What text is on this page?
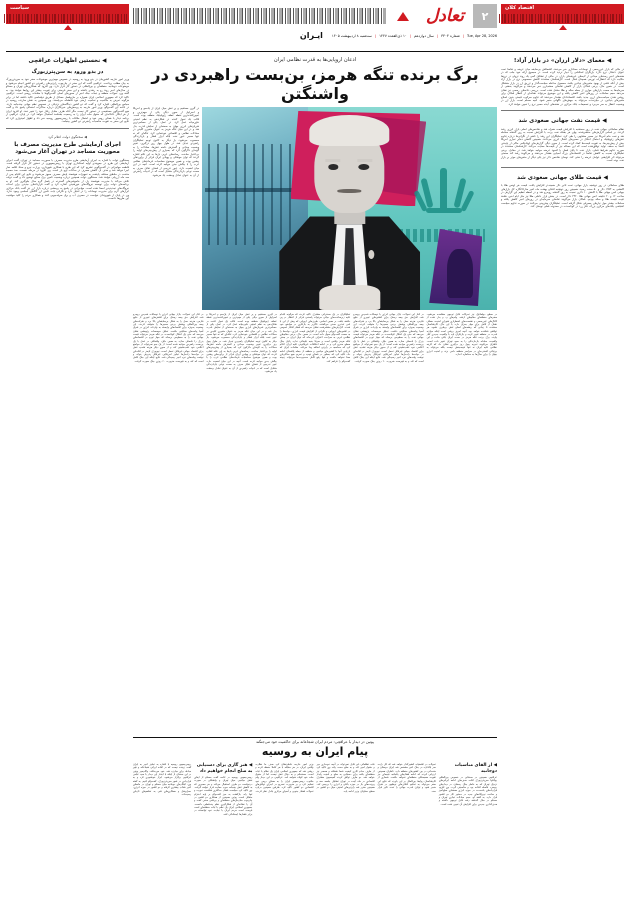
اقتصاد کلان
۲
تعادل
Tue, Apr 28, 2026
|
شماره ۳۳۰۳
|
سال دوازدهم
|
۱۰ ذی‌القعده ۱۴۴۷
|
سه‌شنبه ۸ اردیبهشت ۱۴۰۵
ایـران
سیاست
◀ نخستین اظهارات عراقچی
در بدو ورود به سن‌پترزبورگ
وزیر امور خارجه کشورمان در بدو ورود به روسیه در خصوص مهم‌ترین موضوعات سفر خود به سن‌پترزبورگ به بیان مطلب پرداخت. عراقچی گفت که این سفر در چارچوب رایزنی‌های راهبردی دو کشور انجام می‌شود و موضوعات دوجانبه، منطقه‌ای و بین‌المللی در دستور کار قرار دارد. وی افزود که همکاری‌های تهران و مسکو در سال‌های اخیر روند رو به رشدی داشته و این سفر فرصتی برای تقویت بیشتر این روابط خواهد بود. به گفته وی، تحولات منطقه و تبعات جنگ اخیر از محورهای اصلی گفت‌وگوها با مقامات روسی است. عراقچی تاکید کرد که جمهوری اسلامی ایران همواره بر حل‌وفصل مسائل از طریق دیپلماسی تاکید داشته اما در برابر هرگونه تعرض به حاکمیت و تمامیت ارضی خود قاطعانه می‌ایستد. وی همچنین به نقش سازنده روسیه در مجامع بین‌المللی اشاره کرد و گفت که دو کشور دیدگاه‌های نزدیکی در خصوص نظم جهانی چندجانبه دارند. در ادامه این گفت‌وگو، وزیر امور خارجه به پرسش‌های خبرنگاران درباره مذاکرات احتمالی پاسخ داد و گفت هیچ گفت‌وگوی مستقیمی در دستور کار نیست مگر آنکه طرف مقابل رفتار خود را تغییر دهد. او افزود ایران از هر ابتکار عادلانه‌ای که حقوق ملت ایران را به رسمیت بشناسد استقبال خواهد کرد. در پایان، عراقچی از برنامه دیدار با همتای روس خود و احتمال ملاقات با رییس‌جمهور روسیه خبر داد و اظهار امیدواری کرد که نتایج این سفر به تقویت مناسبات راهبردی دو کشور بینجامد.
◀ سخنگوی دولت اعلام کرد
اجرای آزمایشی طرح مدیریت مصرف با محوریت مساجد در تهران آغاز می‌شود
سخنگوی دولت با اشاره به اجرای آزمایشی طرح مدیریت مصرف با محوریت مساجد در تهران، گفت اجرای آزمایشی این طرح در جمع‌بندی اولیه استانداری تهران با رییس‌جمهوری در دستور کار قرار گرفته است. فاطمه مهاجرانی در گفت‌وگویی تشریح کرد که این طرح با همکاری شهرداری، وزارت نیرو و ستاد اقامه نماز اجرا خواهد شد و هدف آن کاهش مصرف در ساعات اوج بار است. وی افزود در مرحله نخست، صد مسجد منتخب در مناطق مختلف پایتخت به تجهیزات هوشمند پایش مصرف مجهز می‌شوند و نتایج این اقدام پس از سه ماه ارزیابی خواهد شد. سخنگوی دولت همچنین درباره وضعیت تامین برق صنایع توضیح داد و گفت دولت تلاش می‌کند با مدیریت هوشمند بار، از خاموشی‌های گسترده در فصل گرم سال جلوگیری کند. او به برنامه‌های دولت برای توسعه نیروگاه‌های خورشیدی اشاره کرد و گفت قراردادهای جدیدی برای احداث نیروگاه‌های تجدیدپذیر امضا شده است. مهاجرانی در پاسخ به پرسشی درباره بازار ارز نیز گفت بانک مرکزی ابزارهای لازم برای مدیریت نوسانات را در اختیار دارد و نگرانی بابت تامین ارز کالاهای اساسی وجود ندارد. وی در پایان از شهروندان خواست در مصرف آب و برق صرفه‌جویی کنند و همکاری مردم را کلید موفقیت این طرح‌ها دانست.
اذعان اروپایی‌ها به قدرت نظامی ایران
برگ برنده تنگه هرمز، بن‌بست راهبردی در واشنگتن
در گیری مستقیم و پر تنش میان ایران از یک‌سو و امریکا و اسراییل از سوی دیگر، یکی از مهم‌ترین و تعیین‌کننده‌ترین نقطه عطف ژئوپلیتیک منطقه بوده است. قالب یک تحول کننده در شکل‌دهی به نظم امنیتی خاورمیانه عمل کرد. در عمل، یکی از حساس‌ترین شریان‌های انرژی جهان به صحنه‌ای از نمایش قدرت بدل شد و در این میان تنگه هرمز به عنوان متغیری کلیدی در معادلات نظامی و اقتصادی خودنمایی کرد. تنگه‌ای که نه تنها مسیر عبور نفت بلکه ابزار فشار و بازدارندگی محسوب می‌شود، بار دیگر به کانون توجه تحلیلگران راهبردی تبدیل شد. در طول چهل روز درگیری، تغییر وضعیت میدانی و گسترش دامنه تنش‌ها، معادلات را به گونه‌ای دگرگون کرد که بسیاری از پیش‌بینی‌های اولیه را بی‌اعتبار ساخت. رسانه‌های غربی بارها به این نکته اشاره کردند که توان موشکی و پهپادی ایران فراتر از برآوردهای پیشین بوده و همین موضوع محاسبات فرماندهان نظامی غرب را با چالش جدی مواجه کرده است. آنچه در این میان اهمیت دارد، عبور تدریجی از فضای تقابل صرف به سمت نوعی بازدارندگی متقابل است که در ادبیات راهبردی از آن به عنوان تعادل وحشت یاد می‌شود.
در سطح دیپلماتیک نیز تحرکات قابل توجهی مشاهده می‌شود. سفرهای منطقه‌ای مقام‌های ارشد، پیام‌های رد و بدل شده از کانال‌های غیررسمی و نشست‌های اضطراری شورای امنیت، همگی نشان از تلاش برای مهار بحران دارد. با این حال، کارشناسان معتقدند تا زمانی که ریشه‌های اصلی تنش برطرف نشود، هر توافقی شکننده خواهد بود. آنچه امروز روشن است اینکه موازنه قدرت در منطقه تغییر کرده و بازیگران باید با واقعیت جدیدی کنار بیایند. برگ برنده تنگه هرمز در دست ایران باقی مانده و این واقعیت، معادله بازدارندگی را به سود تهران تغییر داده است. ناظران می‌گویند تجربه چهل روز درگیری نشان داد که گزینه نظامی علیه ایران نه تنها نتیجه‌بخش نیست بلکه می‌تواند به بی‌ثباتی گسترده‌ای در سراسر منطقه دامن بزند و امنیت انرژی جهان را برای سال‌ها به مخاطره اندازد.
در کنار این تحولات، بازار جهانی انرژی با نوسانات شدیدی روبه‌رو شد. افزایش حق بیمه ریسک برای کشتی‌های عبوری از خلیج فارس، هزینه حمل را به شکل بی‌سابقه‌ای بالا برد و شرکت‌های بیمه بین‌المللی پوشش برخی مسیرها را متوقف کردند. این وضعیت به‌ویژه برای اقتصادهای وابسته به واردات انرژی در شرق آسیا پیامدهای سنگینی داشت. تحلیل موسسات پژوهشی نشان می‌دهد که حتی یک اختلال کوتاه‌مدت در تنگه هرمز می‌تواند قیمت جهانی نفت را به سطوحی برساند که مهار تورم در اقتصادهای بزرگ را ناممکن سازد. به همین دلیل، واشنگتن در عمل با یک بن‌بست راهبردی مواجه شده است؛ از یک سو نمی‌تواند از مواضع اعلامی خود عقب‌نشینی کند و از سوی دیگر هزینه تشدید تنش برای اقتصاد جهانی غیرقابل تحمل است. نیویورک تایمز در افاده‌ای در دولت‌ها راه‌حل‌ها تجاوز امریکایی غیرقابل پذیرش خواند و نوشت پیامدهای نبرد اخیر رسیدگی شد. نتایج اینکه این جنگ تلاش است که کند و به فهرست ضرورت ۴۰ روزی جنگ صورت گرفت.
تحلیلگران در یک سخنرانی مشترک تاکید کردند که هرگونه اقدام علیه زیرساخت‌های حیاتی می‌تواند پاسخی فراتر از انتظار در پی داشته باشد. بر همین اساس، طرف‌های اروپایی که پیش از این با لحن تندتری سخن می‌گفتند، ناگزیر به بازنگری در مواضع خود شدند. گزارش‌های منتشرشده نشان می‌دهد که فشار افکار عمومی در کشورهای اروپایی و نگرانی از افزایش قیمت انرژی، دولت‌ها را به سمت گفت‌وگو سوق داده است. در همین حال، برخی مقام‌های نظامی غربی به صراحت اعتراف کرده‌اند که توان ایران در بستن تنگه هرمز واقعی است و صرفا جنبه تبلیغاتی ندارد. پایان جنگ سطح مخرج کرد و در ادامه اختلافات غیرقانونی علیه ایران اعلام کرد که محاسبه در رایزنی اضافه پیدا می‌کند. مقامات ایران که ارزیابی آنها با کشورهای میانجی و منطقه از جمله پاکستان ادامه داد، تاکید کرد که به‌طور در فضای تهدید و تحریم هیچ مذاکره‌ای معنا نخواهد داشت و تنها رفع کامل محدودیت‌ها می‌تواند زمینه گفت‌وگو را فراهم کند.
در گیری مستقیم و پر تنش میان ایران از یک‌سو و امریکا و اسراییل از سوی دیگر، یکی از مهم‌ترین و تعیین‌کننده‌ترین نقطه عطف ژئوپلیتیک منطقه بوده است. قالب یک تحول کننده در شکل‌دهی به نظم امنیتی خاورمیانه عمل کرد. در عمل، یکی از حساس‌ترین شریان‌های انرژی جهان به صحنه‌ای از نمایش قدرت بدل شد و در این میان تنگه هرمز به عنوان متغیری کلیدی در معادلات نظامی و اقتصادی خودنمایی کرد. تنگه‌ای که نه تنها مسیر عبور نفت بلکه ابزار فشار و بازدارندگی محسوب می‌شود، بار دیگر به کانون توجه تحلیلگران راهبردی تبدیل شد. در طول چهل روز درگیری، تغییر وضعیت میدانی و گسترش دامنه تنش‌ها، معادلات را به گونه‌ای دگرگون کرد که بسیاری از پیش‌بینی‌های اولیه را بی‌اعتبار ساخت. رسانه‌های غربی بارها به این نکته اشاره کردند که توان موشکی و پهپادی ایران فراتر از برآوردهای پیشین بوده و همین موضوع محاسبات فرماندهان نظامی غرب را با چالش جدی مواجه کرده است. آنچه در این میان اهمیت دارد، عبور تدریجی از فضای تقابل صرف به سمت نوعی بازدارندگی متقابل است که در ادبیات راهبردی از آن به عنوان تعادل وحشت یاد می‌شود.
در کنار این تحولات، بازار جهانی انرژی با نوسانات شدیدی روبه‌رو شد. افزایش حق بیمه ریسک برای کشتی‌های عبوری از خلیج فارس، هزینه حمل را به شکل بی‌سابقه‌ای بالا برد و شرکت‌های بیمه بین‌المللی پوشش برخی مسیرها را متوقف کردند. این وضعیت به‌ویژه برای اقتصادهای وابسته به واردات انرژی در شرق آسیا پیامدهای سنگینی داشت. تحلیل موسسات پژوهشی نشان می‌دهد که حتی یک اختلال کوتاه‌مدت در تنگه هرمز می‌تواند قیمت جهانی نفت را به سطوحی برساند که مهار تورم در اقتصادهای بزرگ را ناممکن سازد. به همین دلیل، واشنگتن در عمل با یک بن‌بست راهبردی مواجه شده است؛ از یک سو نمی‌تواند از مواضع اعلامی خود عقب‌نشینی کند و از سوی دیگر هزینه تشدید تنش برای اقتصاد جهانی غیرقابل تحمل است. نیویورک تایمز در افاده‌ای در دولت‌ها راه‌حل‌ها تجاوز امریکایی غیرقابل پذیرش خواند و نوشت پیامدهای نبرد اخیر رسیدگی شد. نتایج اینکه این جنگ تلاش است که کند و به فهرست ضرورت ۴۰ روزی جنگ صورت گرفت.
پوتین در دیدار با عراقچی: مردم ایران شجاعانه برای حاکمیت خود می‌جنگند
پیام ایران به روسیه
◀ از القای مناسبات دوجانبه
عراقچی همچنین در سخنانی در خصوص بین‌المللی یوانکوا سن‌پترزبورگ افاده هدف‌های ادامه ایرانی‌های نزدیک تهران که به خاطر جنگ رمضان، در دیدارهای روسی، فاصله افتاده بود و مناسبتی گردد. وی افزود قراردادهای بلندمدت در حوزه انرژی هسته‌ای صلح‌آمیز و ساخت نیروگاه‌های جدید در دستور کار دو کشور قرار دارد. به گفته او، حجم مبادلات تجاری تهران و مسکو در سال گذشته رشد قابل توجهی داشته و هدف‌گذاری جدیدی برای افزایش آن تعیین شده است.
تحولات در کشفیات کشورگذار خواهد شد که کل رایت سر باگذارند در جنگ اخیر مشخص شد ایران دوستان و متحدانی در بین کشورهای منطقه دارد. ناظران همچنین ارزیابی کردند که ادامه فشارهای یکجانبه نتیجه‌ای جز تقویت همبستگی منطقه‌ای نخواهد داشت. شماری از کارشناسان روابط بین‌الملل بر این باورند که نتایج این سفر می‌تواند به تحکیم ائتلاف‌های نوظهور در شرق منجر شود و توازن قدرت جهانی را تحت تاثیر قرار دهد.
نکت تظلماتی غیر قابل نمی‌تواند در آنچه خودداری دور و دشوار امور کند و به صلح دست یابند وی تاکید کرد از طرف مدام کاری کیفیت شما شفافه و همسر نیز منطقه‌ای باشد برای دستیابی به صلح و امنیت پایدار خواهد شد. دو طرف توافق کردند کمیسیون مشترک اقتصادی در ماه آینده در تهران تشکیل جلسه دهد و پرونده‌های باز در حوزه بانکی و انرژی را بررسی کند. همچنین مقرر شد رایزنی‌های امنیتی میان دو کشور در سطح معاونان وزیر ادامه یابد.
وزیر امور خارجه خاطرنشان کرد هدف ما نظارت واقعی ایران، در هر مقابله با هر کاملا حفظه کرده و روشن شد که جمهوری اسلامی ایران یک نظام با ثبات است. مستحکم و به دنبال تنش نیست اما از حقوق ملت خود کوتاه نخواهد آمد. عراقچی در این دیدار پیام مکتوب رییس‌جمهور ایران را به همتای روس خود تسلیم کرد و بر ضرورت تسریع در اجرای توافق‌های اقتصادی دو کشور تاکید کرد. طرفین همچنین درباره تحولات قفقاز جنوبی و آسیای مرکزی تبادل نظر کردند.
◀ هنر گازی برای دستیابی به صلح انجام خواهیم داد
رییس‌جمهور روسیه در ادامه گفت مسکو از ایفای نقش میانجی میان تهران و واشنگتن در صورت درخواست دو طرف استقبال می‌کند و هر مسیری که به کاهش تنش بینجامد مورد حمایت قرار خواهد گرفت. وی تاکید کرد سیاست فشار حداکثری شکست خورده و تنها راه، بازگشت به میز گفت‌وگو بر پایه احترام متقابل است. پوتین همچنین از همکاری دو کشور در چارچوب سازمان‌های منطقه‌ای و بریکس سخن گفت و آن را نشانه‌ای از شکل‌گیری نظم چندقطبی دانست. جمهوری اسلامی ایران یک نظم با ثبات منطقه‌ای است فرصت است مردم ایران با نجابت خود توانستند در برابر فشارها ایستادگی کنند.
رییس‌جمهور روسیه با اشاره به تجاوز اخیر به ایران گفت زیبنده نیست که در افاده ایرانی شجاعانه و فهر مبادله برای مبارزه شد. خود می‌جنگند. والادیمیر پوتین در این سخنان از اینکه با ابتدار این دیدار با سید عباس عراقچی برگزار می‌شود، ابراز خوشنودی کرد و به قراردادی در شهر سن‌پترزبورگ، گفت‌وگو کنیم. به گفته وی، ابتکارهای دوجانبه میان مسکو و تهران در ماه‌های اخیر شتاب بیشتری گرفته و دو کشور در حوزه انرژی، حمل‌ونقل و همکاری‌های فنی به تفاهم‌های تازه‌ای رسیده‌اند.
◀ معمای «دلار ارزان» در بازار آزاد!
در حالی که بازار غیررسمی از نوسانات معناداری خبر می‌دهد، کشمکش بی‌سابقه میان عرضه و تقاضا تحت عنوان «تعادل نرخ دلار» بازیگران اسکناس را دچار تردید کرده است. در مجموع ارائه خود جلب که در هفته‌های اخیر رصدهای میدانی از لایه‌های غیرشفاف بازار، در حالی از تشکیل کمی یک روند نزولی در نرخ‌ها حکایت دارد که انتظارات تورمی همچنان فعال است. کارشناسان معتقدند کاهش محسوس نرخ در بازار آزاد بیش از آنکه ناشی از بهبود متغیرهای بنیادین باشد، محصول مداخله سیاست‌گذار و تزریق ارز در بازار متشکل است. در همین حال، برخی فعالان بازار از کاهش تقاضای سفته‌بازی خبر می‌دهند و می‌گویند بخشی از سرمایه‌ها به سمت بازارهای موازی از جمله سکه و طلا منتقل شده است. بررسی داده‌های رسمی نیز نشان می‌دهد حجم معاملات در روزهای اخیر کاهش یافته و این موضوع می‌تواند نشانه‌ای از انتظار فعالان برای روشن شدن سیاست‌های ارزی جدید باشد. اقتصاددانان هشدار می‌دهند که تداوم سرکوب قیمتی بدون اصلاح متغیرهای بنیادین، در میان‌مدت می‌تواند به جهش‌های ناگهانی منجر شود. آنچه مسلم است، بازار ارز در وضعیت انتظار به سر می‌برد و تصمیمات بانک مرکزی در هفته‌های آینده مسیر نرخ را تعیین خواهد کرد.
◀ قیمت نفت جهانی صعودی شد
نظام معاملاتی جهانی نفت در روز سه‌شنبه با افزایش قیمت همراه شد و شاخص‌های اصلی بازار انرژی رشد کردند. بر اساس گزارش‌های منتشرشده، بهای هر بشکه نفت برنت با افزایش نسبت به روز گذشته معامله شد و نفت خام آمریکا نیز مسیر مشابهی را طی کرد. تحلیلگران این رشد را ناشی از نگرانی‌ها درباره تداوم تنش‌های ژئوپلیتیک و احتمال اختلال در مسیرهای انتقال انرژی می‌دانند. همچنین کاهش ذخایر تجاری آمریکا بیش از پیش‌بینی‌ها، به تقویت قیمت‌ها کمک کرده است. از سوی دیگر، گزارش‌های اوپک‌پلاس حاکی از پایبندی اعضا به سقف تولید توافق‌شده است که این مساله نیز از قیمت‌ها حمایت می‌کند. کارشناسان معتقدند در صورت تداوم شرایط فعلی، بازار نفت تا پایان فصل با کمبود عرضه مواجه خواهد شد. در مقابل، برخی تحلیلگران نسبت به کاهش تقاضا در اقتصادهای بزرگ آسیایی هشدار می‌دهند و می‌گویند رشد کند صنعتی می‌تواند اثر افزایشی عوامل عرضه را خنثی کند. نوسان شاخص دلار نیز یکی دیگر از متغیرهای موثر بر بازار نفت بوده است.
◀ قیمت طلای جهانی صعودی شد
طلای معاملاتی در روز دوشنبه بازار جهانی، تحت تاثیر دلار ضعیف‌تر افزایش یافت. قیمت هر اونس طلا با کاهشی به ۱۹۹۳ دلار و ۵۰ سنت رسید. همچنین روز دوشنبه افتتاح بهشت ماه اخیر مدل‌الانگاره کل بازارهای جهانی انس جهانی طلا با کاهش ۱۰ دلاری نسبت به روز گذشته روبه‌رو شد و در لحظه تنظیم این گزارش در ساعت ۱۲ و ۲۰ دقیقه، انس جهانی طلا ۲۴۲۰ دلار است. در بخش بازار داخلی طلا نیز مثل ایام اخیر، شاهد تثبیت قیمت طلا و سکه بودیم. فعالان بازار می‌گویند تقاضای سرمایه‌ای در روزهای اخیر کاهش یافته و معاملات بیشتر حول نیازهای مصرفی شکل گرفته است. تحلیلگران پیش‌بینی می‌کنند در صورت تداوم سیاست انقباضی بانک‌های مرکزی بزرگ، فلز زرد در کوتاه‌مدت در محدوده فعلی نوسان کند.
